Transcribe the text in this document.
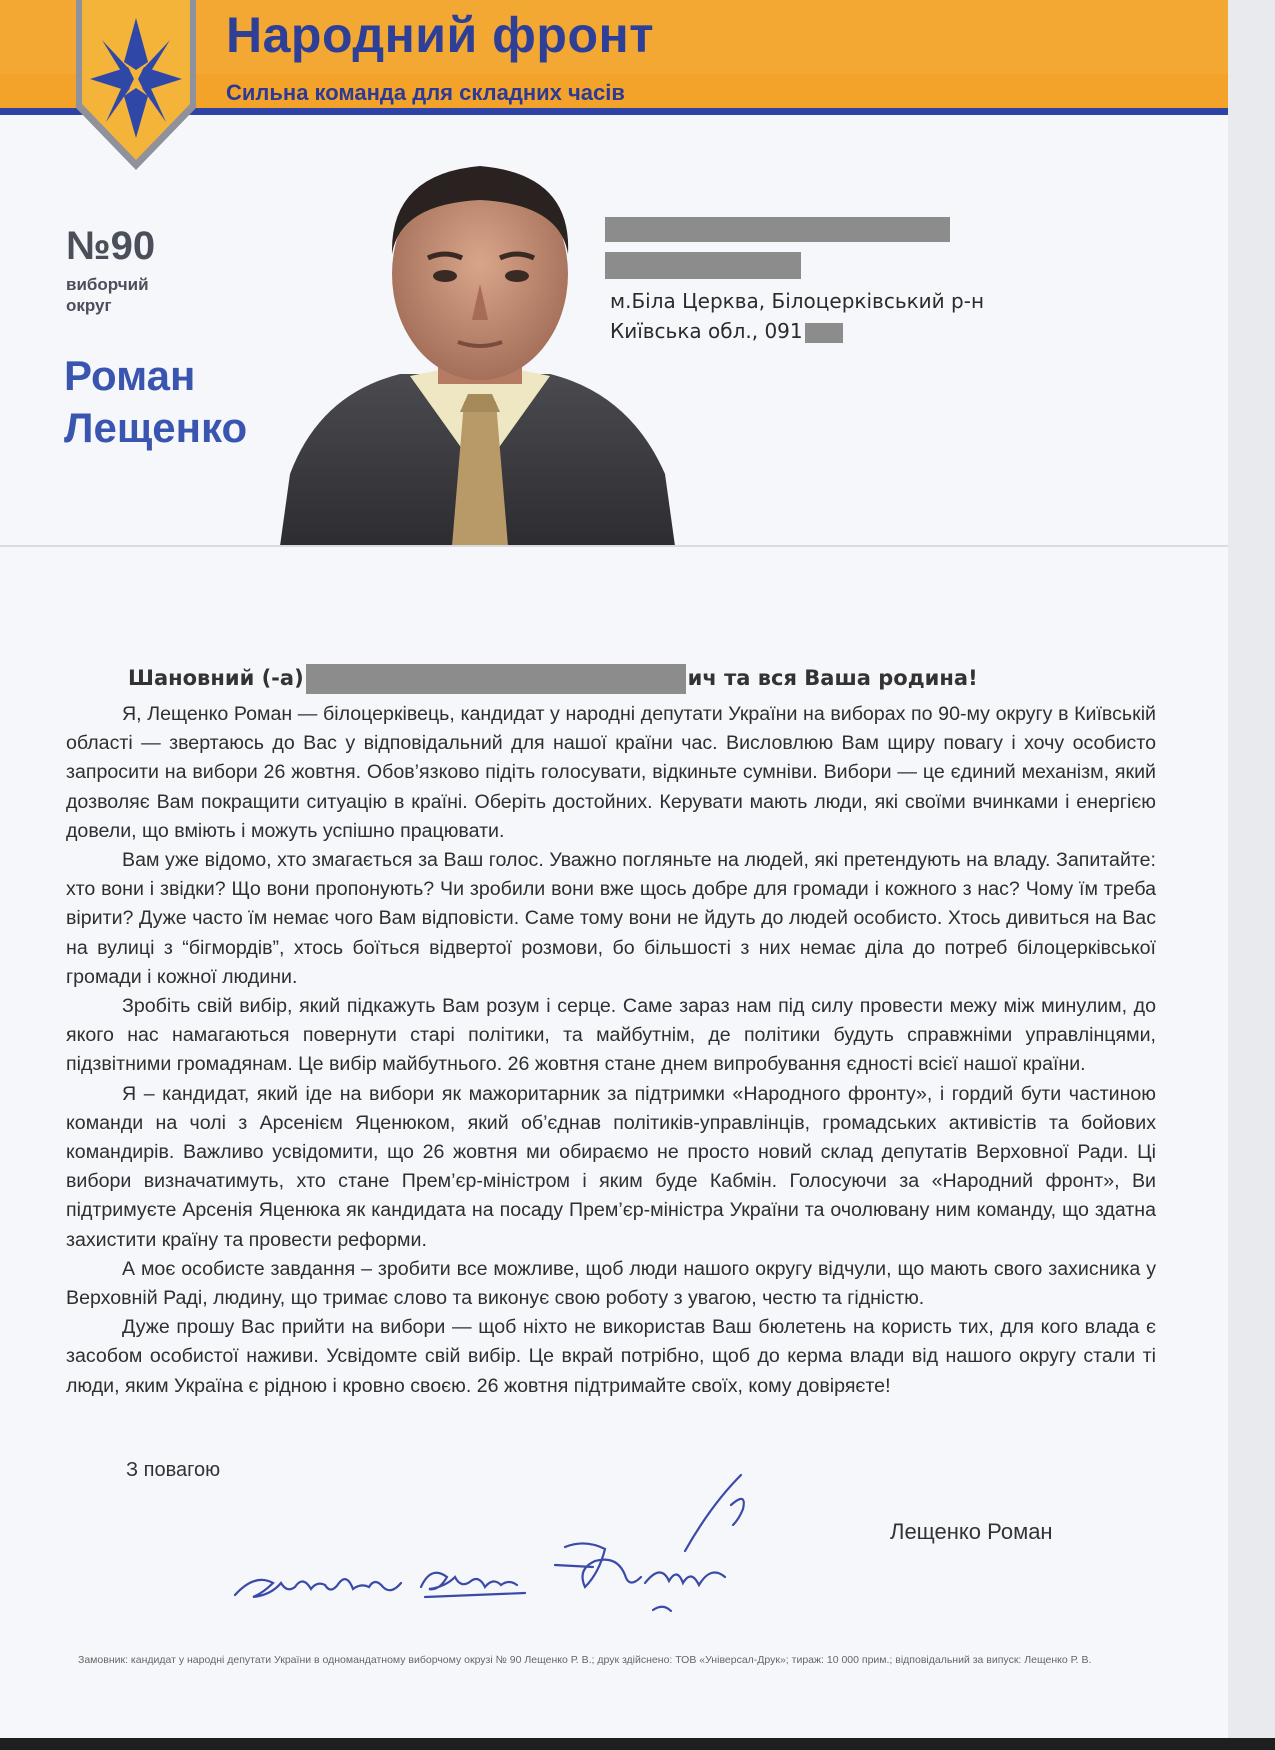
Народний фронт
Сильна команда для складних часів
№90
виборчий округ
Роман
Лещенко
м.Біла Церква, Білоцерківський р-н
Київська обл., 091
Шановний (-а)	ич та вся Ваша родина!

Я, Лещенко Роман — білоцерківець, кандидат у народні депутати України на виборах по 90-му округу в Київській області — звертаюсь до Вас у відповідальний для нашої країни час. Висловлюю Вам щиру повагу і хочу особисто запросити на вибори 26 жовтня. Обов’язково підіть голосувати, відкиньте сумніви. Вибори — це єдиний механізм, який дозволяє Вам покращити ситуацію в країні. Оберіть достойних. Керувати мають люди, які своїми вчинками і енергією довели, що вміють і можуть успішно працювати.

Вам уже відомо, хто змагається за Ваш голос. Уважно погляньте на людей, які претендують на владу. Запитайте: хто вони і звідки? Що вони пропонують? Чи зробили вони вже щось добре для громади і кожного з нас? Чому їм треба вірити? Дуже часто їм немає чого Вам відповісти. Саме тому вони не йдуть до людей особисто. Хтось дивиться на Вас на вулиці з “бігмордів”, хтось боїться відвертої розмови, бо більшості з них немає діла до потреб білоцерківської громади і кожної людини.

Зробіть свій вибір, який підкажуть Вам розум і серце. Саме зараз нам під силу провести межу між минулим, до якого нас намагаються повернути старі політики, та майбутнім, де політики будуть справжніми управлінцями, підзвітними громадянам. Це вибір майбутнього. 26 жовтня стане днем випробування єдності всієї нашої країни.

Я – кандидат, який іде на вибори як мажоритарник за підтримки «Народного фронту», і гордий бути частиною команди на чолі з Арсенієм Яценюком, який об’єднав політиків-управлінців, громадських активістів та бойових командирів. Важливо усвідомити, що 26 жовтня ми обираємо не просто новий склад депутатів Верховної Ради. Ці вибори визначатимуть, хто стане Прем’єр-міністром і яким буде Кабмін. Голосуючи за «Народний фронт», Ви підтримуєте Арсенія Яценюка як кандидата на посаду Прем’єр-міністра України та очолювану ним команду, що здатна захистити країну та провести реформи.

А моє особисте завдання – зробити все можливе, щоб люди нашого округу відчули, що мають свого захисника у Верховній Раді, людину, що тримає слово та виконує свою роботу з увагою, честю та гідністю.

Дуже прошу Вас прийти на вибори — щоб ніхто не використав Ваш бюлетень на користь тих, для кого влада є засобом особистої наживи. Усвідомте свій вибір. Це вкрай потрібно, щоб до керма влади від нашого округу стали ті люди, яким Україна є рідною і кровно своєю. 26 жовтня підтримайте своїх, кому довіряєте!

З повагою
Лещенко Роман
Замовник: кандидат у народні депутати України в одномандатному виборчому окрузі № 90 Лещенко Р. В.; друк здійснено: ТОВ «Універсал-Друк»; тираж: 10 000 прим.; відповідальний за випуск: Лещенко Р. В.
